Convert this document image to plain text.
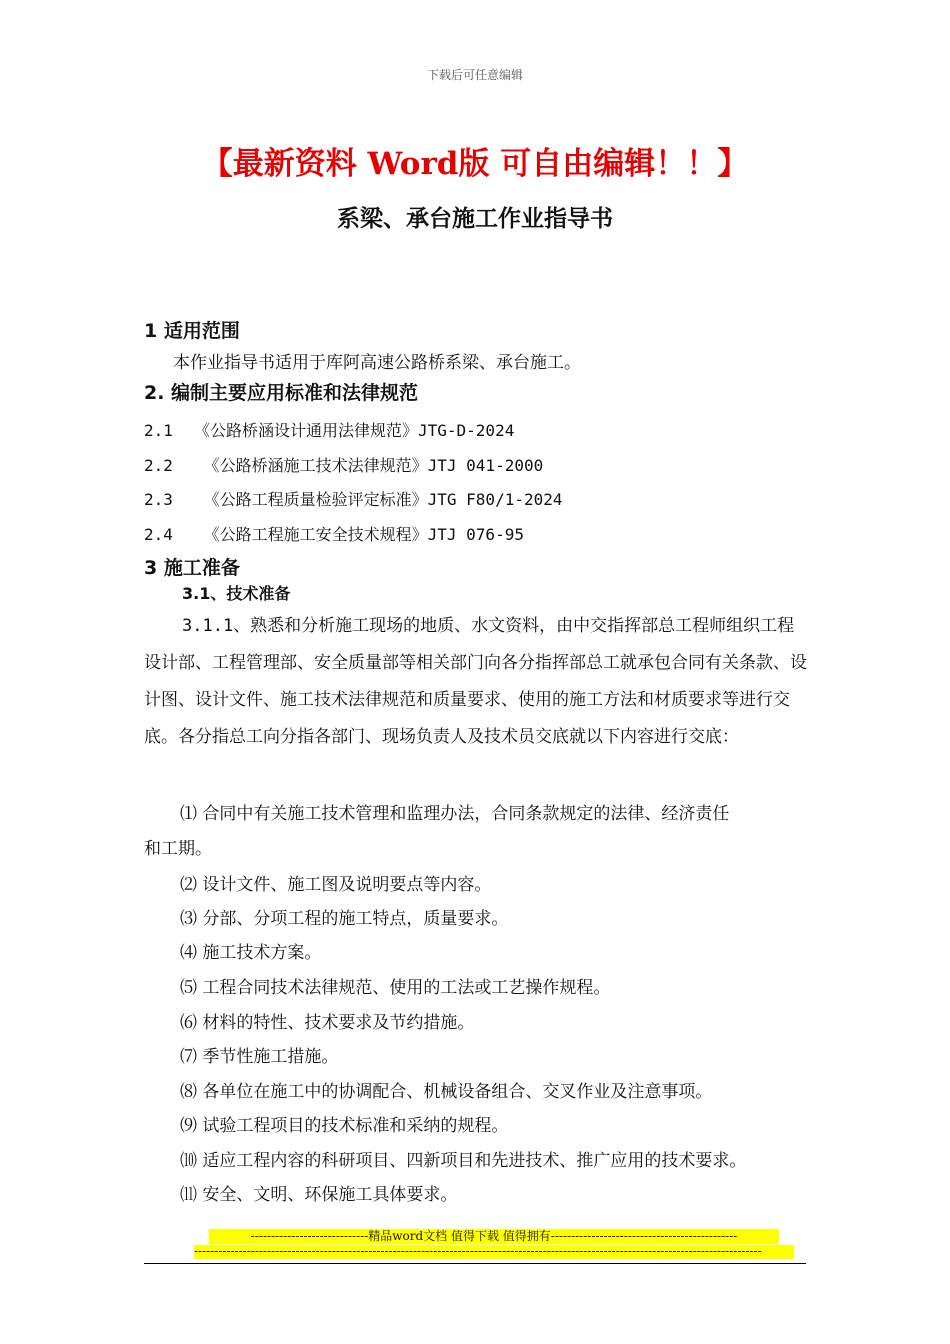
下载后可任意编辑
【最新资料 Word版 可自由编辑！！】
系梁、承台施工作业指导书
1 适用范围
本作业指导书适用于库阿高速公路桥系梁、承台施工。
2. 编制主要应用标准和法律规范
2.1 《公路桥涵设计通用法律规范》JTG-D-2024
2.2 《公路桥涵施工技术法律规范》JTJ 041-2000
2.3 《公路工程质量检验评定标准》JTG F80/1-2024
2.4 《公路工程施工安全技术规程》JTJ 076-95
3 施工准备
3.1、技术准备
3.1.1、熟悉和分析施工现场的地质、水文资料，由中交指挥部总工程师组织工程设计部、工程管理部、安全质量部等相关部门向各分指挥部总工就承包合同有关条款、设计图、设计文件、施工技术法律规范和质量要求、使用的施工方法和材质要求等进行交底。各分指总工向分指各部门、现场负责人及技术员交底就以下内容进行交底：
⑴ 合同中有关施工技术管理和监理办法，合同条款规定的法律、经济责任
和工期。
⑵ 设计文件、施工图及说明要点等内容。
⑶ 分部、分项工程的施工特点，质量要求。
⑷ 施工技术方案。
⑸ 工程合同技术法律规范、使用的工法或工艺操作规程。
⑹ 材料的特性、技术要求及节约措施。
⑺ 季节性施工措施。
⑻ 各单位在施工中的协调配合、机械设备组合、交叉作业及注意事项。
⑼ 试验工程项目的技术标准和采纳的规程。
⑽ 适应工程内容的科研项目、四新项目和先进技术、推广应用的技术要求。
⑾ 安全、文明、环保施工具体要求。
-----------------------------精品word文档 值得下载 值得拥有----------------------------------------------
--------------------------------------------------------------------------------------------------------------------------------------------
